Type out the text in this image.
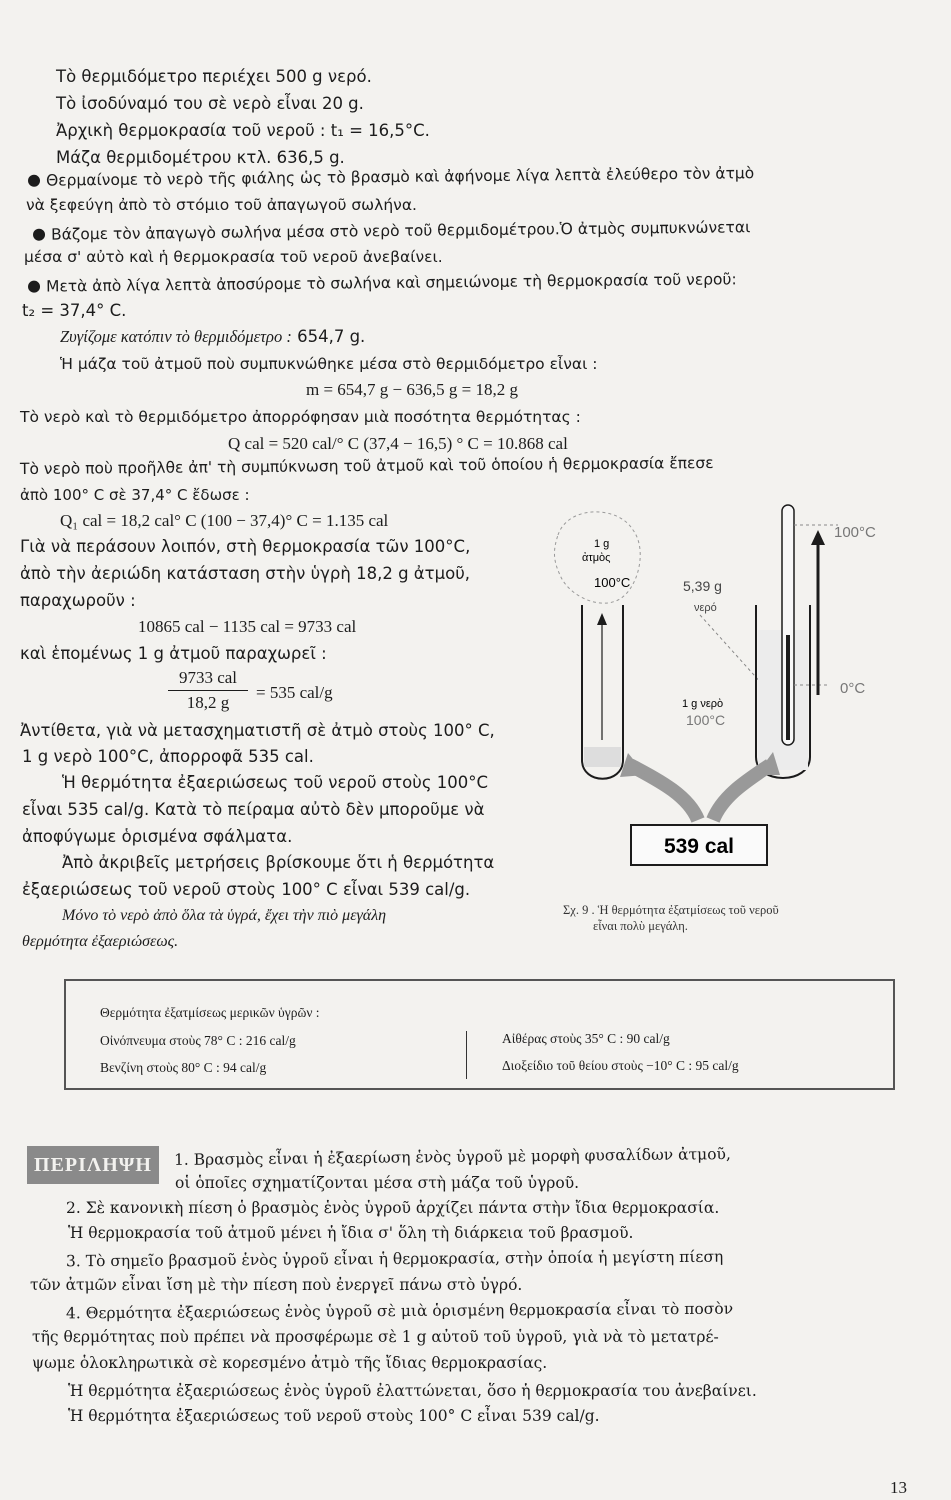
Τὸ θερμιδόμετρο περιέχει 500 g νερό.
Τὸ ἰσοδύναμό του σὲ νερὸ εἶναι 20 g.
Ἀρχικὴ θερμοκρασία τοῦ νεροῦ : t₁ = 16,5°C.
Μάζα θερμιδομέτρου κτλ. 636,5 g.
Θερμαίνομε τὸ νερὸ τῆς φιάλης ὡς τὸ βρασμὸ καὶ ἀφήνομε λίγα λεπτὰ ἐλεύθερο τὸν ἀτμὸ
νὰ ξεφεύγη ἀπὸ τὸ στόμιο τοῦ ἀπαγωγοῦ σωλήνα.
Βάζομε τὸν ἀπαγωγὸ σωλήνα μέσα στὸ νερὸ τοῦ θερμιδομέτρου.Ὁ ἀτμὸς συμπυκνώνεται
μέσα σ' αὐτὸ καὶ ἡ θερμοκρασία τοῦ νεροῦ ἀνεβαίνει.
Μετὰ ἀπὸ λίγα λεπτὰ ἀποσύρομε τὸ σωλήνα καὶ σημειώνομε τὴ θερμοκρασία τοῦ νεροῦ:
t₂ = 37,4° C.
Ζυγίζομε κατόπιν τὸ θερμιδόμετρο : 654,7 g.
Ἡ μάζα τοῦ ἀτμοῦ ποὺ συμπυκνώθηκε μέσα στὸ θερμιδόμετρο εἶναι :
m = 654,7 g − 636,5 g = 18,2 g
Τὸ νερὸ καὶ τὸ θερμιδόμετρο ἀπορρόφησαν μιὰ ποσότητα θερμότητας :
Q cal = 520 cal/° C (37,4 − 16,5) ° C = 10.868 cal
Τὸ νερὸ ποὺ προῆλθε ἀπ' τὴ συμπύκνωση τοῦ ἀτμοῦ καὶ τοῦ ὁποίου ἡ θερμοκρασία ἔπεσε
ἀπὸ 100° C σὲ 37,4° C ἔδωσε :
Q₁ cal = 18,2 cal° C (100 − 37,4)° C = 1.135 cal
Γιὰ νὰ περάσουν λοιπόν, στὴ θερμοκρασία τῶν 100°C,
ἀπὸ τὴν ἀεριώδη κατάσταση στὴν ὑγρὴ 18,2 g ἀτμοῦ,
παραχωροῦν :
10865 cal − 1135 cal = 9733 cal
καὶ ἑπομένως 1 g ἀτμοῦ παραχωρεῖ :
9733 cal
18,2 g
= 535 cal/g
Ἀντίθετα, γιὰ νὰ μετασχηματιστῆ σὲ ἀτμὸ στοὺς 100° C,
1 g νερὸ 100°C, ἀπορροφᾶ 535 cal.
Ἡ θερμότητα ἐξαεριώσεως τοῦ νεροῦ στοὺς 100°C
εἶναι 535 cal/g. Κατὰ τὸ πείραμα αὐτὸ δὲν μποροῦμε νὰ
ἀποφύγωμε ὁρισμένα σφάλματα.
Ἀπὸ ἀκριβεῖς μετρήσεις βρίσκουμε ὅτι ἡ θερμότητα
ἐξαεριώσεως τοῦ νεροῦ στοὺς 100° C εἶναι 539 cal/g.
Μόνο τὸ νερὸ ἀπὸ ὅλα τὰ ὑγρά, ἔχει τὴν πιὸ μεγάλη
θερμότητα ἐξαεριώσεως.
1 g
ἀτμὸς
100°C	5,39 g
νερό
1 g νερὸ
100°C
100°C
0°C
539 cal
Σχ. 9 . Ἡ θερμότητα ἐξατμίσεως τοῦ νεροῦ
εἶναι πολὺ μεγάλη.
Θερμότητα ἐξατμίσεως μερικῶν ὑγρῶν :
Οἰνόπνευμα στοὺς 78° C : 216 cal/g
Βενζίνη στοὺς 80° C : 94 cal/g
Αἰθέρας στοὺς 35° C : 90 cal/g
Διοξείδιο τοῦ θείου στοὺς −10° C : 95 cal/g
ΠΕΡΙΛΗΨΗ	1. Βρασμὸς εἶναι ἡ ἐξαερίωση ἑνὸς ὑγροῦ μὲ μορφὴ φυσαλίδων ἀτμοῦ,
οἱ ὁποῖες σχηματίζονται μέσα στὴ μάζα τοῦ ὑγροῦ.
2. Σὲ κανονικὴ πίεση ὁ βρασμὸς ἑνὸς ὑγροῦ ἀρχίζει πάντα στὴν ἴδια θερμοκρασία.
Ἡ θερμοκρασία τοῦ ἀτμοῦ μένει ἡ ἴδια σ' ὅλη τὴ διάρκεια τοῦ βρασμοῦ.
3. Τὸ σημεῖο βρασμοῦ ἑνὸς ὑγροῦ εἶναι ἡ θερμοκρασία, στὴν ὁποία ἡ μεγίστη πίεση
τῶν ἀτμῶν εἶναι ἴση μὲ τὴν πίεση ποὺ ἐνεργεῖ πάνω στὸ ὑγρό.
4. Θερμότητα ἐξαεριώσεως ἑνὸς ὑγροῦ σὲ μιὰ ὁρισμένη θερμοκρασία εἶναι τὸ ποσὸν
τῆς θερμότητας ποὺ πρέπει νὰ προσφέρωμε σὲ 1 g αὐτοῦ τοῦ ὑγροῦ, γιὰ νὰ τὸ μετατρέ-
ψωμε ὁλοκληρωτικὰ σὲ κορεσμένο ἀτμὸ τῆς ἴδιας θερμοκρασίας.
Ἡ θερμότητα ἐξαεριώσεως ἑνὸς ὑγροῦ ἐλαττώνεται, ὅσο ἡ θερμοκρασία του ἀνεβαίνει.
Ἡ θερμότητα ἐξαεριώσεως τοῦ νεροῦ στοὺς 100° C εἶναι 539 cal/g.
13
